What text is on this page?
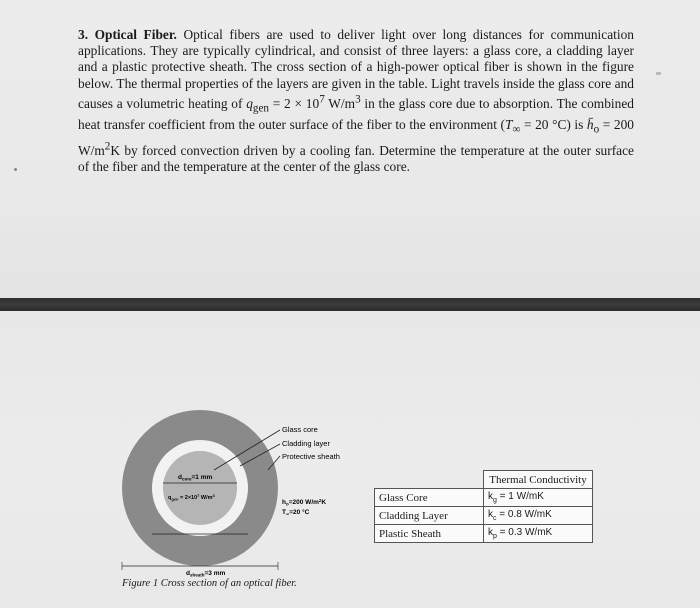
3. Optical Fiber. Optical fibers are used to deliver light over long distances for communication applications. They are typically cylindrical, and consist of three layers: a glass core, a cladding layer and a plastic protective sheath. The cross section of a high-power optical fiber is shown in the figure below. The thermal properties of the layers are given in the table. Light travels inside the glass core and causes a volumetric heating of $q_{gen} = 2 \times 10^7$ $W/m^3$ in the glass core due to absorption. The combined heat transfer coefficient from the outer surface of the fiber to the environment ($T_\infty = 20$ °C) is $h̄_o = 200$ $W/m^2K$ by forced convection driven by a cooling fan. Determine the temperature at the outer surface of the fiber and the temperature at the center of the glass core.

Glass core
Cladding layer
Protective sheath
$d_{core}=1$ mm
$q_{gen} = 2\times 10^7$ $W/m^3$
$h_o=200$ $W/m^2K$
$T_\infty=20$ °C
$d_{clad}=1.5$ mm
$d_{sheath}=3$ mm
Figure 1 Cross section of an optical fiber.
	Thermal Conductivity
Glass Core	$k_g = 1$ W/mK
Cladding Layer	$k_c = 0.8$ W/mK
Plastic Sheath	$k_p = 0.3$ W/mK
